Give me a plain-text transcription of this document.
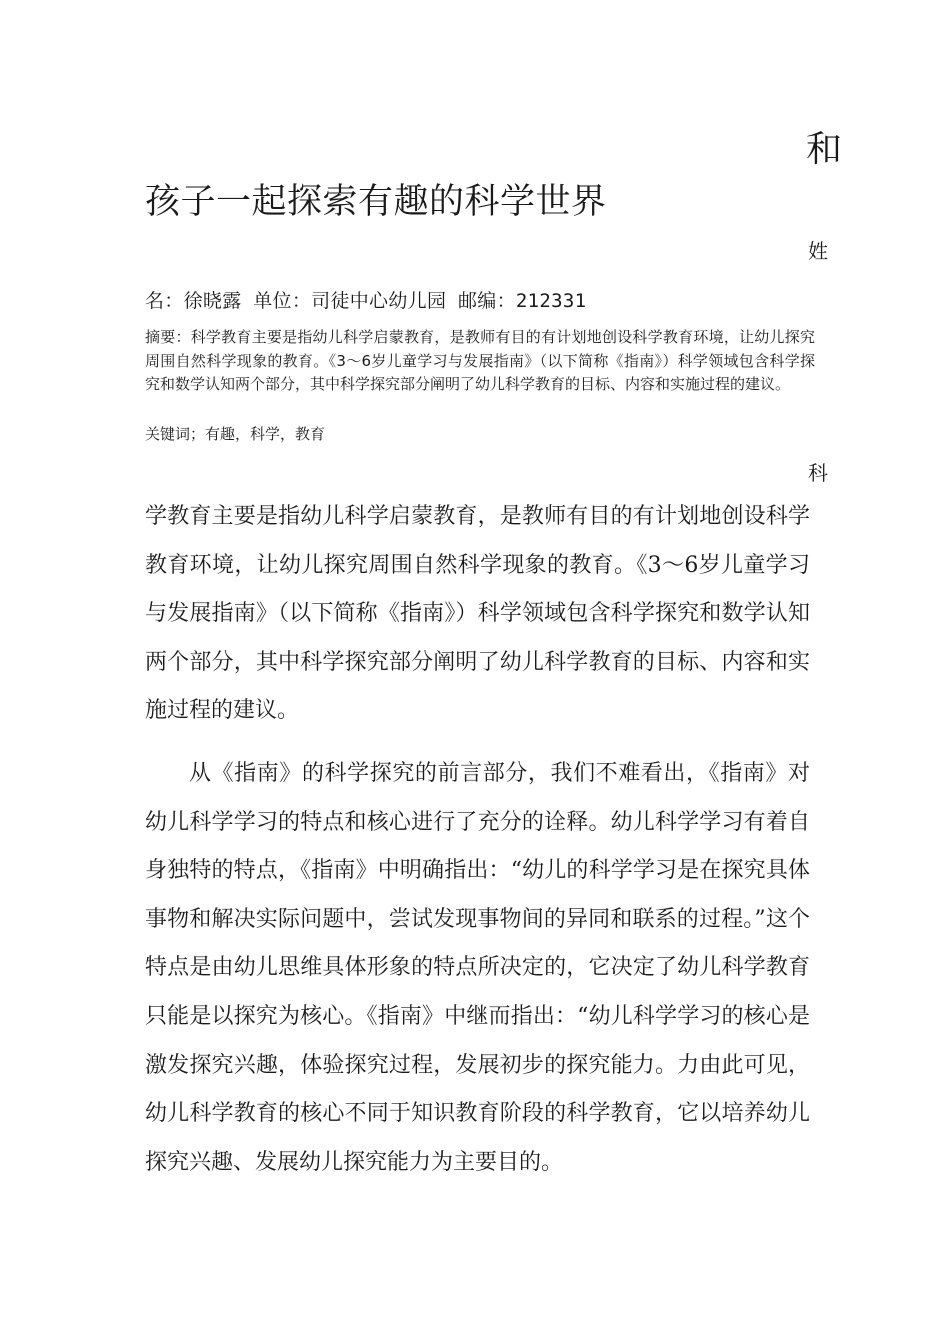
和
孩子一起探索有趣的科学世界
姓
名：徐晓露 单位：司徒中心幼儿园 邮编：212331

摘要：科学教育主要是指幼儿科学启蒙教育，是教师有目的有计划地创设科学教育环境，让幼儿探究周围自然科学现象的教育。《3～6岁儿童学习与发展指南》（以下简称《指南》）科学领域包含科学探究和数学认知两个部分，其中科学探究部分阐明了幼儿科学教育的目标、内容和实施过程的建议。

关键词；有趣，科学，教育
科

学教育主要是指幼儿科学启蒙教育，是教师有目的有计划地创设科学教育环境，让幼儿探究周围自然科学现象的教育。《3～6岁儿童学习与发展指南》（以下简称《指南》）科学领域包含科学探究和数学认知两个部分，其中科学探究部分阐明了幼儿科学教育的目标、内容和实施过程的建议。

从《指南》的科学探究的前言部分，我们不难看出，《指南》对幼儿科学学习的特点和核心进行了充分的诠释。幼儿科学学习有着自身独特的特点，《指南》中明确指出：“幼儿的科学学习是在探究具体事物和解决实际问题中，尝试发现事物间的异同和联系的过程。”这个特点是由幼儿思维具体形象的特点所决定的，它决定了幼儿科学教育只能是以探究为核心。《指南》中继而指出：“幼儿科学学习的核心是激发探究兴趣，体验探究过程，发展初步的探究能力。力由此可见，幼儿科学教育的核心不同于知识教育阶段的科学教育，它以培养幼儿探究兴趣、发展幼儿探究能力为主要目的。
